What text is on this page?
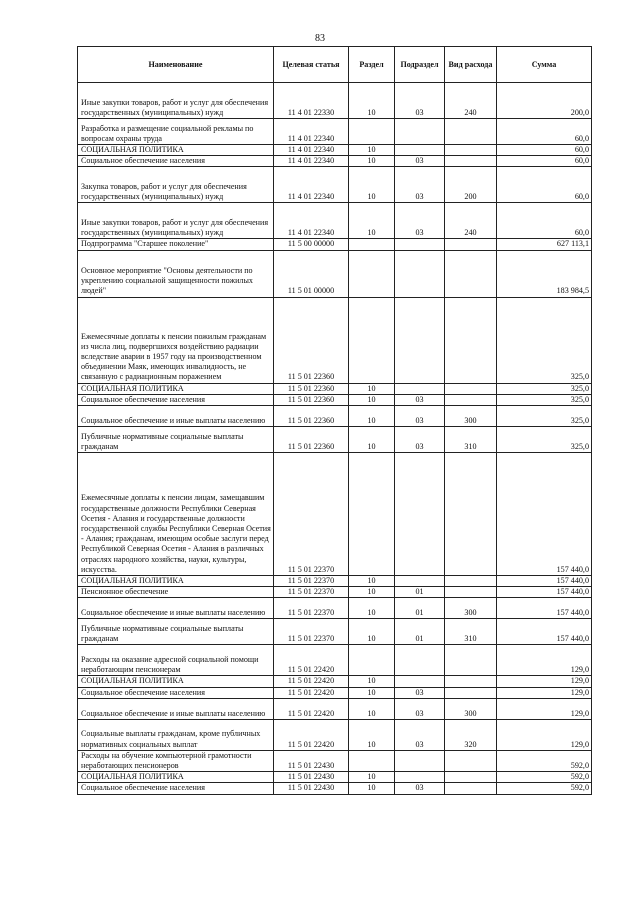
83
Наименование	Целевая статья	Раздел	Подраздел	Вид расхода	Сумма
Иные закупки товаров, работ и услуг для обеспечения государственных (муниципальных) нужд	11 4 01 22330	10	03	240	200,0
Разработка и размещение социальной рекламы по вопросам охраны труда	11 4 01 22340				60,0
СОЦИАЛЬНАЯ ПОЛИТИКА	11 4 01 22340	10			60,0
Социальное обеспечение населения	11 4 01 22340	10	03		60,0
Закупка товаров, работ и услуг для обеспечения государственных (муниципальных) нужд	11 4 01 22340	10	03	200	60,0
Иные закупки товаров, работ и услуг для обеспечения государственных (муниципальных) нужд	11 4 01 22340	10	03	240	60,0
Подпрограмма "Старшее поколение"	11 5 00 00000				627 113,1
Основное мероприятие "Основы деятельности по укреплению социальной защищенности пожилых людей"	11 5 01 00000				183 984,5
Ежемесячные доплаты к пенсии пожилым гражданам из числа лиц, подвергшихся воздействию радиации вследствие аварии в 1957 году на производственном объединении Маяк, имеющих инвалидность, не связанную с радиационным поражением	11 5 01 22360				325,0
СОЦИАЛЬНАЯ ПОЛИТИКА	11 5 01 22360	10			325,0
Социальное обеспечение населения	11 5 01 22360	10	03		325,0
Социальное обеспечение и иные выплаты населению	11 5 01 22360	10	03	300	325,0
Публичные нормативные социальные выплаты гражданам	11 5 01 22360	10	03	310	325,0
Ежемесячные доплаты к пенсии лицам, замещавшим государственные должности Республики Северная Осетия - Алания и государственные должности государственной службы Республики Северная Осетия - Алания; гражданам, имеющим особые заслуги перед Республикой Северная Осетия - Алания в различных отраслях народного хозяйства, науки, культуры, искусства.	11 5 01 22370				157 440,0
СОЦИАЛЬНАЯ ПОЛИТИКА	11 5 01 22370	10			157 440,0
Пенсионное обеспечение	11 5 01 22370	10	01		157 440,0
Социальное обеспечение и иные выплаты населению	11 5 01 22370	10	01	300	157 440,0
Публичные нормативные социальные выплаты гражданам	11 5 01 22370	10	01	310	157 440,0
Расходы на оказание адресной социальной помощи неработающим пенсионерам	11 5 01 22420				129,0
СОЦИАЛЬНАЯ ПОЛИТИКА	11 5 01 22420	10			129,0
Социальное обеспечение населения	11 5 01 22420	10	03		129,0
Социальное обеспечение и иные выплаты населению	11 5 01 22420	10	03	300	129,0
Социальные выплаты гражданам, кроме публичных нормативных социальных выплат	11 5 01 22420	10	03	320	129,0
Расходы на обучение компьютерной грамотности неработающих пенсионеров	11 5 01 22430				592,0
СОЦИАЛЬНАЯ ПОЛИТИКА	11 5 01 22430	10			592,0
Социальное обеспечение населения	11 5 01 22430	10	03		592,0
